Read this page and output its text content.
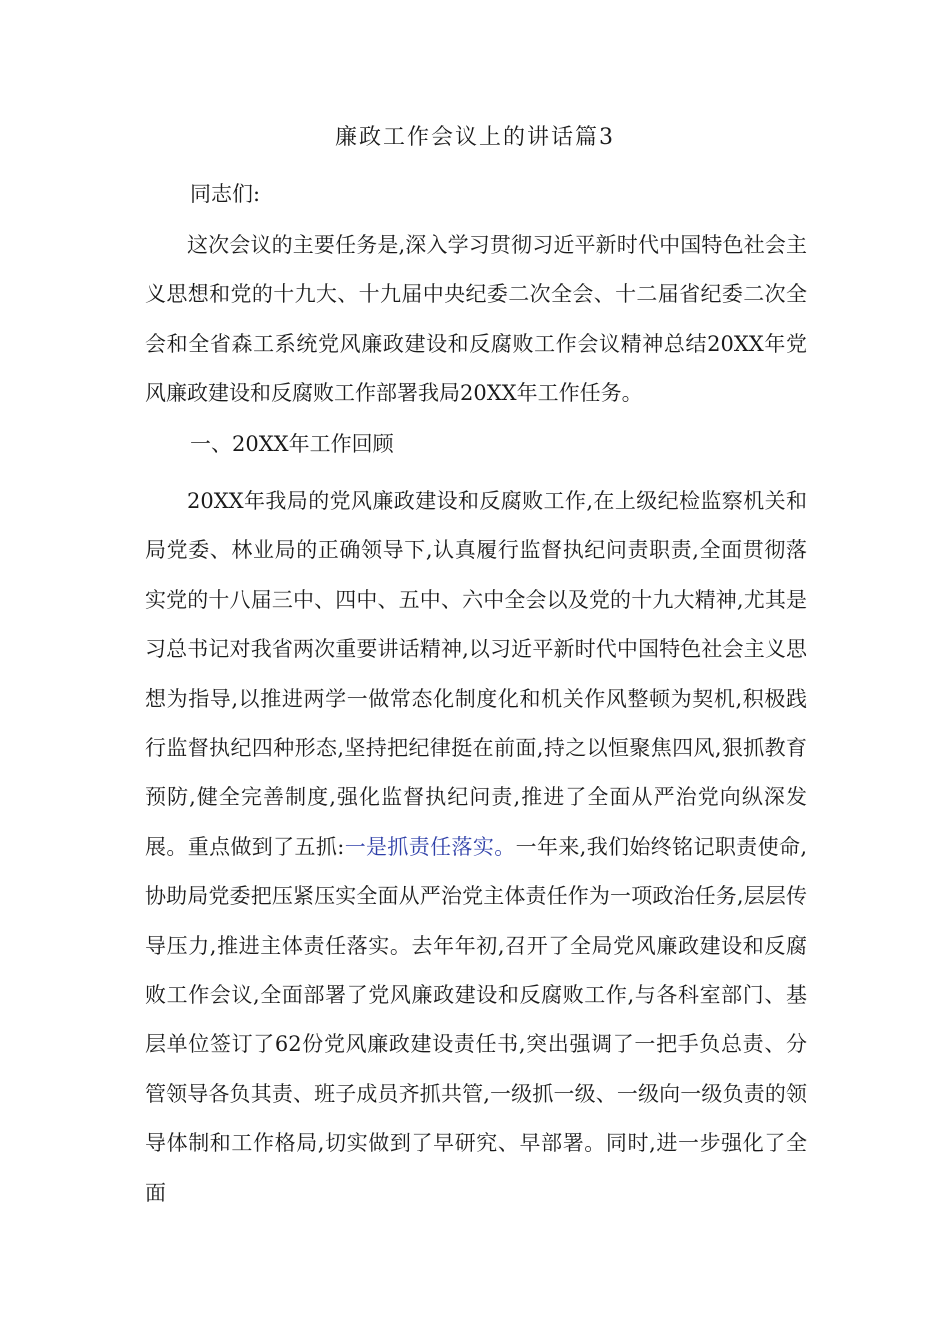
廉政工作会议上的讲话篇3
同志们:
这次会议的主要任务是,深入学习贯彻习近平新时代中国特色社会主义思想和党的十九大、十九届中央纪委二次全会、十二届省纪委二次全会和全省森工系统党风廉政建设和反腐败工作会议精神总结20XX年党风廉政建设和反腐败工作部署我局20XX年工作任务。
一、20XX年工作回顾
20XX年我局的党风廉政建设和反腐败工作,在上级纪检监察机关和局党委、林业局的正确领导下,认真履行监督执纪问责职责,全面贯彻落实党的十八届三中、四中、五中、六中全会以及党的十九大精神,尤其是习总书记对我省两次重要讲话精神,以习近平新时代中国特色社会主义思想为指导,以推进两学一做常态化制度化和机关作风整顿为契机,积极践行监督执纪四种形态,坚持把纪律挺在前面,持之以恒聚焦四风,狠抓教育预防,健全完善制度,强化监督执纪问责,推进了全面从严治党向纵深发展。重点做到了五抓:一是抓责任落实。一年来,我们始终铭记职责使命,协助局党委把压紧压实全面从严治党主体责任作为一项政治任务,层层传导压力,推进主体责任落实。去年年初,召开了全局党风廉政建设和反腐败工作会议,全面部署了党风廉政建设和反腐败工作,与各科室部门、基层单位签订了62份党风廉政建设责任书,突出强调了一把手负总责、分管领导各负其责、班子成员齐抓共管,一级抓一级、一级向一级负责的领导体制和工作格局,切实做到了早研究、早部署。同时,进一步强化了全面
